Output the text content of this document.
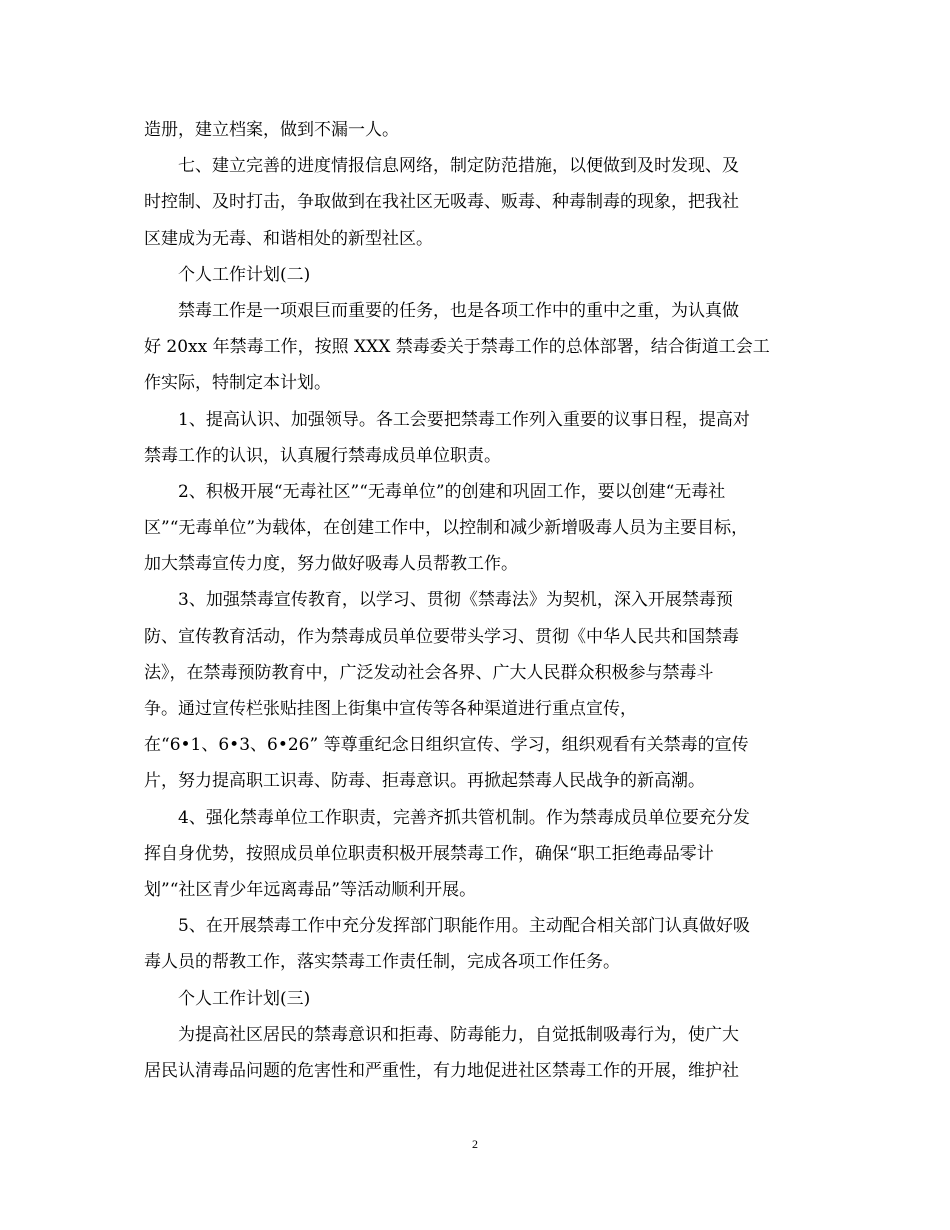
造册，建立档案，做到不漏一人。
七、建立完善的进度情报信息网络，制定防范措施，以便做到及时发现、及
时控制、及时打击，争取做到在我社区无吸毒、贩毒、种毒制毒的现象，把我社
区建成为无毒、和谐相处的新型社区。
个人工作计划(二)
禁毒工作是一项艰巨而重要的任务，也是各项工作中的重中之重，为认真做
好 20xx 年禁毒工作，按照 XXX 禁毒委关于禁毒工作的总体部署，结合街道工会工
作实际，特制定本计划。
1、提高认识、加强领导。各工会要把禁毒工作列入重要的议事日程，提高对
禁毒工作的认识，认真履行禁毒成员单位职责。
2、积极开展“无毒社区”“无毒单位”的创建和巩固工作，要以创建“无毒社
区”“无毒单位”为载体，在创建工作中，以控制和减少新增吸毒人员为主要目标，
加大禁毒宣传力度，努力做好吸毒人员帮教工作。
3、加强禁毒宣传教育，以学习、贯彻《禁毒法》为契机，深入开展禁毒预
防、宣传教育活动，作为禁毒成员单位要带头学习、贯彻《中华人民共和国禁毒
法》，在禁毒预防教育中，广泛发动社会各界、广大人民群众积极参与禁毒斗
争。通过宣传栏张贴挂图上街集中宣传等各种渠道进行重点宣传，
在“6•1、6•3、6•26” 等尊重纪念日组织宣传、学习，组织观看有关禁毒的宣传
片，努力提高职工识毒、防毒、拒毒意识。再掀起禁毒人民战争的新高潮。
4、强化禁毒单位工作职责，完善齐抓共管机制。作为禁毒成员单位要充分发
挥自身优势，按照成员单位职责积极开展禁毒工作，确保“职工拒绝毒品零计
划”“社区青少年远离毒品”等活动顺利开展。
5、在开展禁毒工作中充分发挥部门职能作用。主动配合相关部门认真做好吸
毒人员的帮教工作，落实禁毒工作责任制，完成各项工作任务。
个人工作计划(三)
为提高社区居民的禁毒意识和拒毒、防毒能力，自觉抵制吸毒行为，使广大
居民认清毒品问题的危害性和严重性，有力地促进社区禁毒工作的开展，维护社
2
